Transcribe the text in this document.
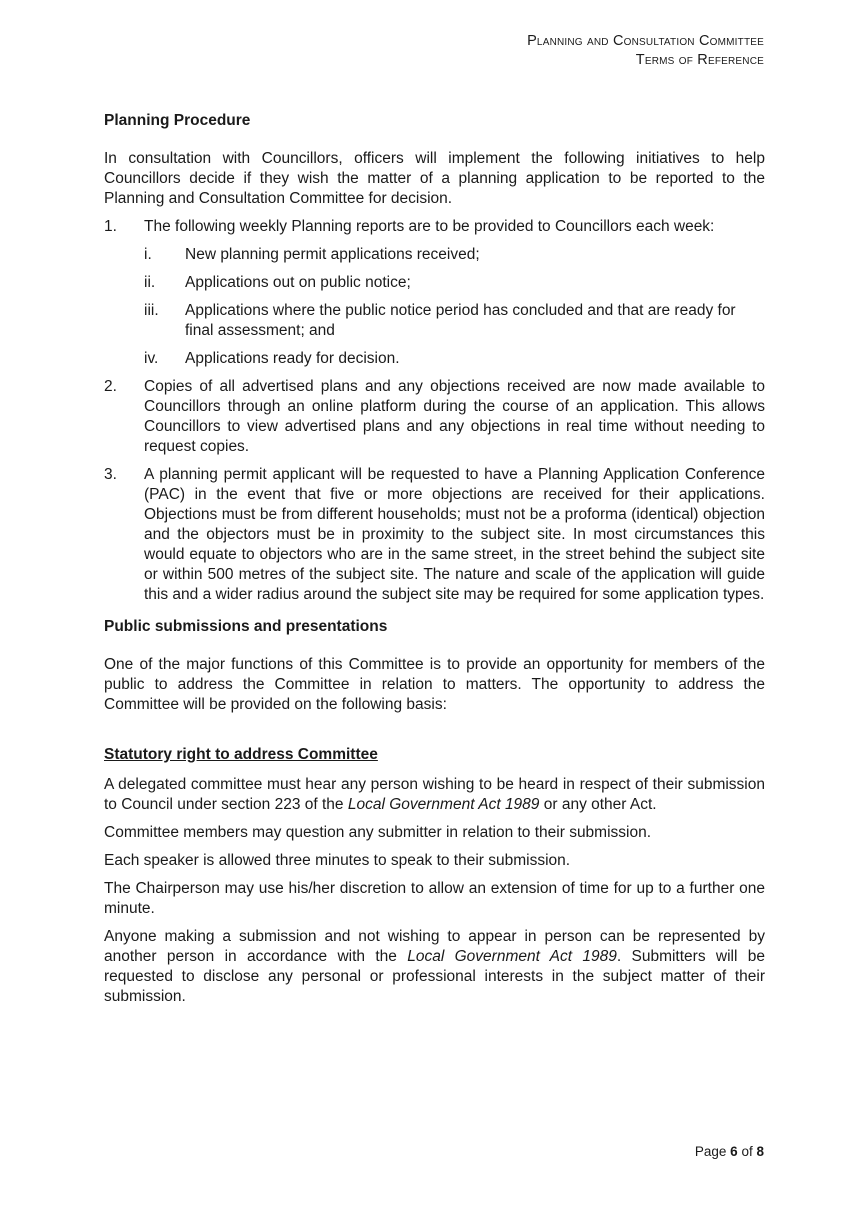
Planning and Consultation Committee
Terms of Reference
Planning Procedure
In consultation with Councillors, officers will implement the following initiatives to help Councillors decide if they wish the matter of a planning application to be reported to the Planning and Consultation Committee for decision.
1. The following weekly Planning reports are to be provided to Councillors each week:
i. New planning permit applications received;
ii. Applications out on public notice;
iii. Applications where the public notice period has concluded and that are ready for final assessment; and
iv. Applications ready for decision.
2. Copies of all advertised plans and any objections received are now made available to Councillors through an online platform during the course of an application. This allows Councillors to view advertised plans and any objections in real time without needing to request copies.
3. A planning permit applicant will be requested to have a Planning Application Conference (PAC) in the event that five or more objections are received for their applications. Objections must be from different households; must not be a proforma (identical) objection and the objectors must be in proximity to the subject site. In most circumstances this would equate to objectors who are in the same street, in the street behind the subject site or within 500 metres of the subject site. The nature and scale of the application will guide this and a wider radius around the subject site may be required for some application types.
Public submissions and presentations
One of the major functions of this Committee is to provide an opportunity for members of the public to address the Committee in relation to matters. The opportunity to address the Committee will be provided on the following basis:
Statutory right to address Committee
A delegated committee must hear any person wishing to be heard in respect of their submission to Council under section 223 of the Local Government Act 1989 or any other Act.
Committee members may question any submitter in relation to their submission.
Each speaker is allowed three minutes to speak to their submission.
The Chairperson may use his/her discretion to allow an extension of time for up to a further one minute.
Anyone making a submission and not wishing to appear in person can be represented by another person in accordance with the Local Government Act 1989. Submitters will be requested to disclose any personal or professional interests in the subject matter of their submission.
Page 6 of 8
